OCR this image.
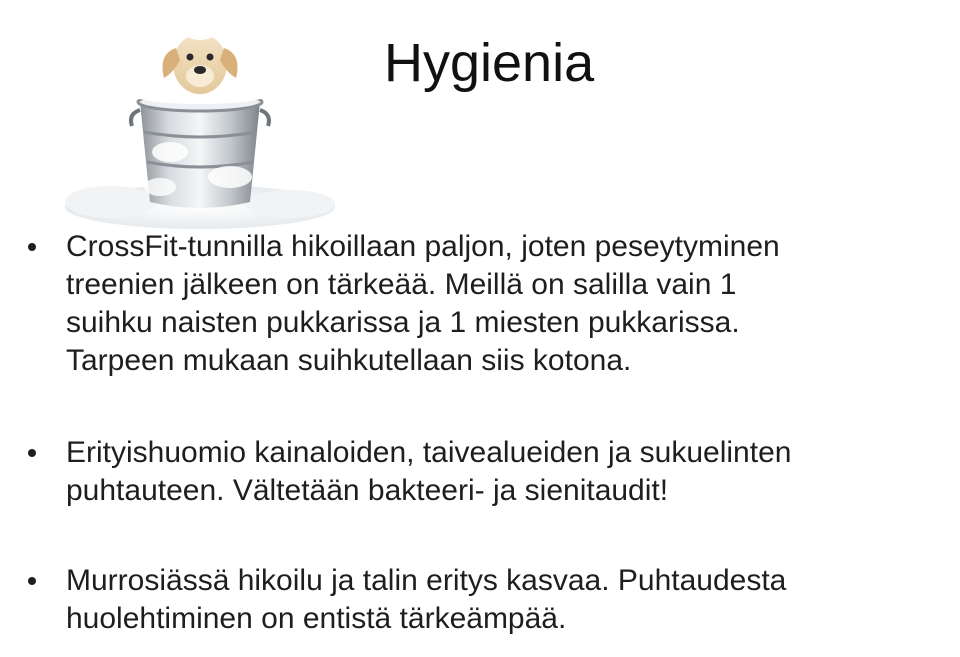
Hygienia
CrossFit-tunnilla hikoillaan paljon, joten peseytyminen
treenien jälkeen on tärkeää. Meillä on salilla vain 1
suihku naisten pukkarissa ja 1 miesten pukkarissa.
Tarpeen mukaan suihkutellaan siis kotona.
Erityishuomio kainaloiden, taivealueiden ja sukuelinten
puhtauteen. Vältetään bakteeri- ja sienitaudit!
Murrosiässä hikoilu ja talin eritys kasvaa. Puhtaudesta
huolehtiminen on entistä tärkeämpää.
